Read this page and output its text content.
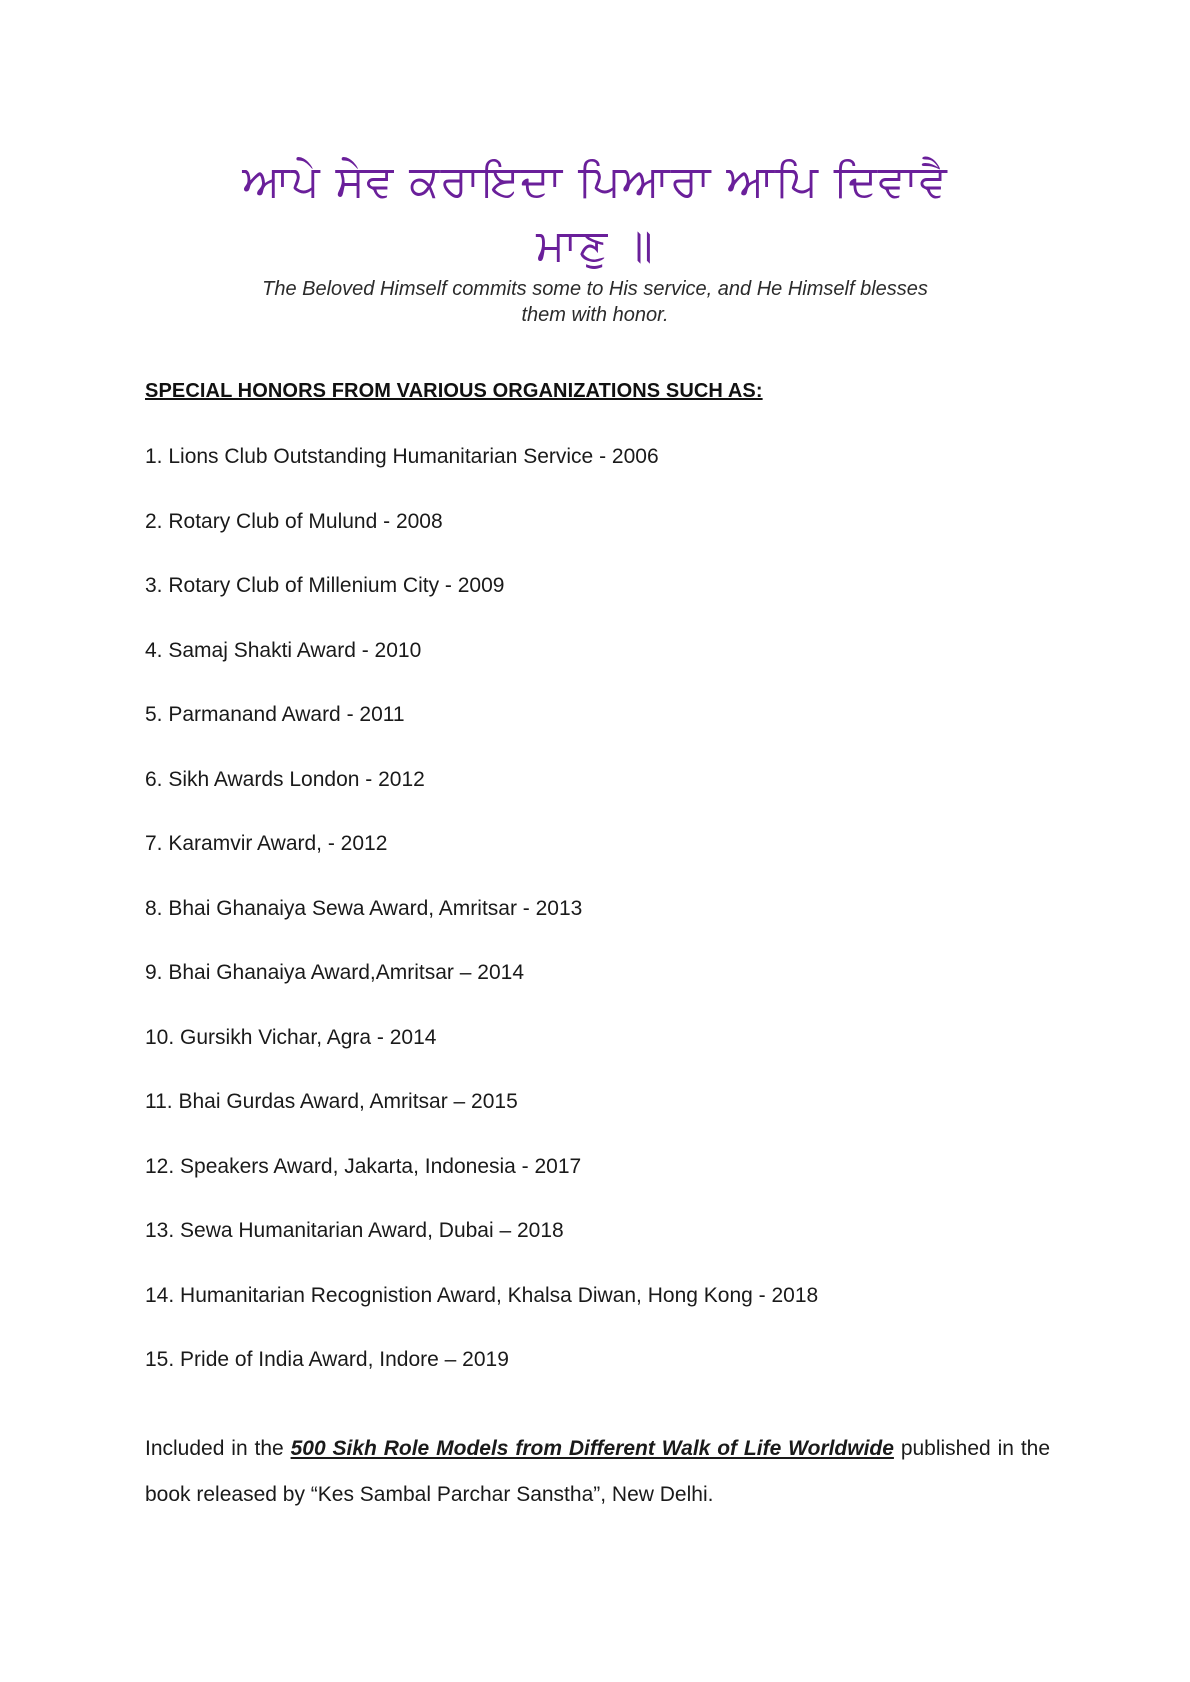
ਆਪੇ ਸੇਵ ਕਰਾਇਦਾ ਪਿਆਰਾ ਆਪਿ ਦਿਵਾਵੈ
ਮਾਣੁ ॥
The Beloved Himself commits some to His service, and He Himself blesses
them with honor.
SPECIAL HONORS FROM VARIOUS ORGANIZATIONS SUCH AS:
1. Lions Club Outstanding Humanitarian Service - 2006
2. Rotary Club of Mulund - 2008
3. Rotary Club of Millenium City - 2009
4. Samaj Shakti Award - 2010
5. Parmanand Award - 2011
6. Sikh Awards London - 2012
7. Karamvir Award, - 2012
8. Bhai Ghanaiya Sewa Award, Amritsar - 2013
9. Bhai Ghanaiya Award,Amritsar – 2014
10. Gursikh Vichar, Agra - 2014
11. Bhai Gurdas Award, Amritsar – 2015
12. Speakers Award, Jakarta, Indonesia - 2017
13. Sewa Humanitarian Award, Dubai – 2018
14. Humanitarian Recognistion Award, Khalsa Diwan, Hong Kong - 2018
15. Pride of India Award, Indore – 2019

Included in the 500 Sikh Role Models from Different Walk of Life Worldwide published in the book released by “Kes Sambal Parchar Sanstha”, New Delhi.
